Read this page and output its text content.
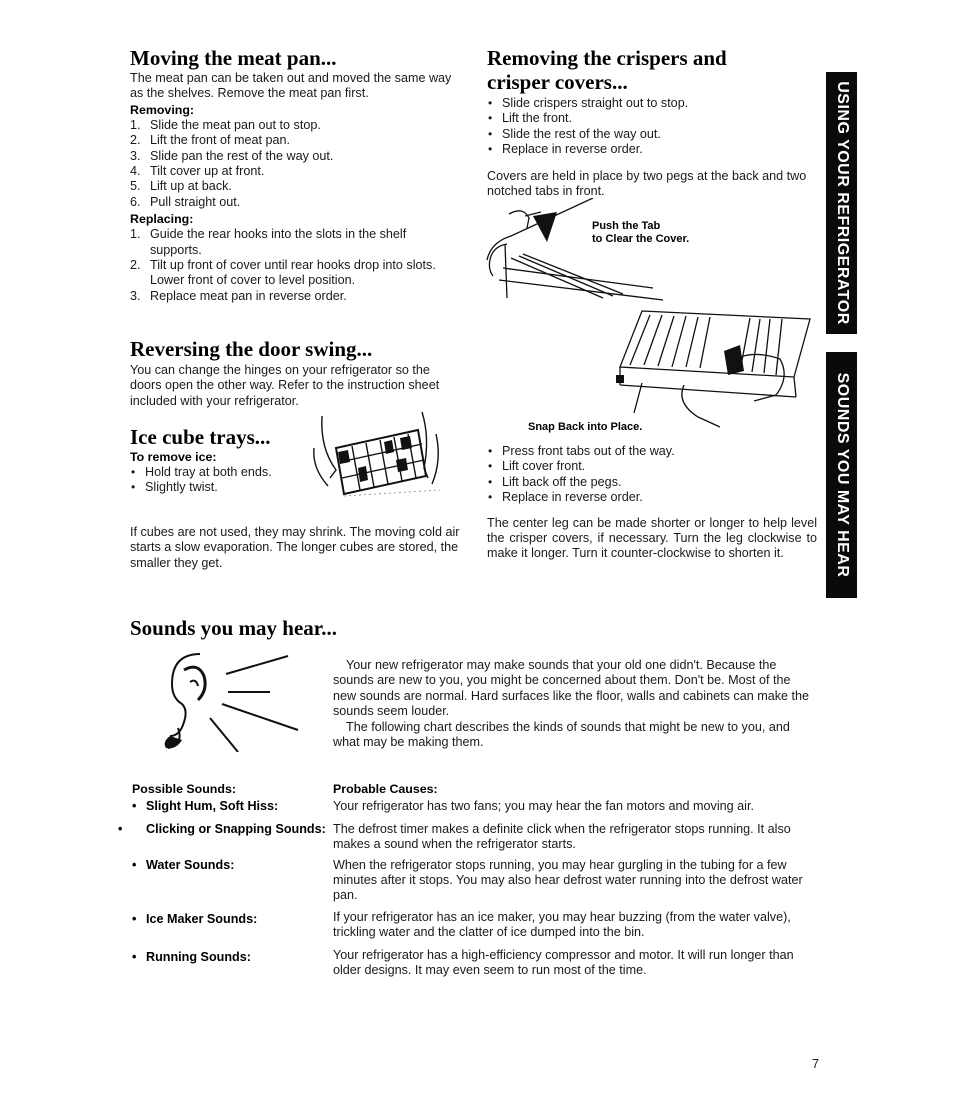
Moving the meat pan...
The meat pan can be taken out and moved the same way as the shelves. Remove the meat pan first.
Removing:
1. Slide the meat pan out to stop.
2. Lift the front of meat pan.
3. Slide pan the rest of the way out.
4. Tilt cover up at front.
5. Lift up at back.
6. Pull straight out.
Replacing:
1. Guide the rear hooks into the slots in the shelf supports.
2. Tilt up front of cover until rear hooks drop into slots. Lower front of cover to level position.
3. Replace meat pan in reverse order.
Reversing the door swing...
You can change the hinges on your refrigerator so the doors open the other way. Refer to the instruction sheet included with your refrigerator.
Ice cube trays...
To remove ice:
• Hold tray at both ends.
• Slightly twist.
If cubes are not used, they may shrink. The moving cold air starts a slow evaporation. The longer cubes are stored, the smaller they get.
Removing the crispers and
crisper covers...
• Slide crispers straight out to stop.
• Lift the front.
• Slide the rest of the way out.
• Replace in reverse order.
Covers are held in place by two pegs at the back and two notched tabs in front.
Push the Tab
to Clear the Cover.
Snap Back into Place.
• Press front tabs out of the way.
• Lift cover front.
• Lift back off the pegs.
• Replace in reverse order.
The center leg can be made shorter or longer to help level the crisper covers, if necessary. Turn the leg clockwise to make it longer. Turn it counter-clockwise to shorten it.
USING YOUR REFRIGERATOR
SOUNDS YOU MAY HEAR
Sounds you may hear...
Your new refrigerator may make sounds that your old one didn't. Because the sounds are new to you, you might be concerned about them. Don't be. Most of the new sounds are normal. Hard surfaces like the floor, walls and cabinets can make the sounds seem louder.
The following chart describes the kinds of sounds that might be new to you, and what may be making them.
Possible Sounds:	Probable Causes:
• Slight Hum, Soft Hiss:	Your refrigerator has two fans; you may hear the fan motors and moving air.
• Clicking or Snapping Sounds: The defrost timer makes a definite click when the refrigerator stops running. It also makes a sound when the refrigerator starts.
• Water Sounds:	When the refrigerator stops running, you may hear gurgling in the tubing for a few minutes after it stops. You may also hear defrost water running into the defrost water pan.
• Ice Maker Sounds:	If your refrigerator has an ice maker, you may hear buzzing (from the water valve), trickling water and the clatter of ice dumped into the bin.
• Running Sounds:	Your refrigerator has a high-efficiency compressor and motor. It will run longer than older designs. It may even seem to run most of the time.
7
